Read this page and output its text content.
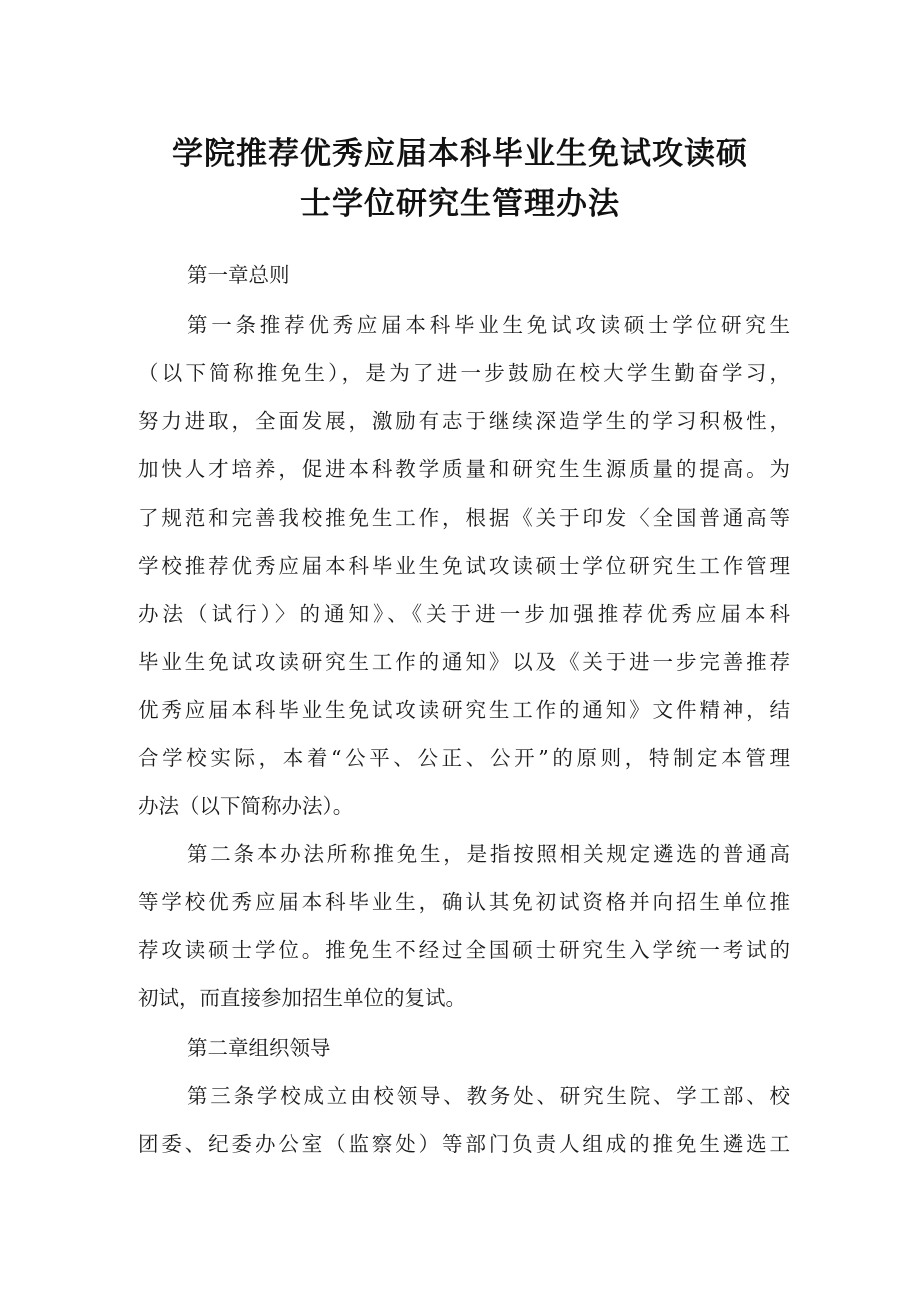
学院推荐优秀应届本科毕业生免试攻读硕
士学位研究生管理办法
第一章总则
第一条推荐优秀应届本科毕业生免试攻读硕士学位研究生
（以下简称推免生），是为了进一步鼓励在校大学生勤奋学习，
努力进取，全面发展，激励有志于继续深造学生的学习积极性，
加快人才培养，促进本科教学质量和研究生生源质量的提高。为
了规范和完善我校推免生工作，根据《关于印发〈全国普通高等
学校推荐优秀应届本科毕业生免试攻读硕士学位研究生工作管理
办法（试行）〉的通知》、《关于进一步加强推荐优秀应届本科
毕业生免试攻读研究生工作的通知》以及《关于进一步完善推荐
优秀应届本科毕业生免试攻读研究生工作的通知》文件精神，结
合学校实际，本着“公平、公正、公开”的原则，特制定本管理
办法（以下简称办法）。
第二条本办法所称推免生，是指按照相关规定遴选的普通高
等学校优秀应届本科毕业生，确认其免初试资格并向招生单位推
荐攻读硕士学位。推免生不经过全国硕士研究生入学统一考试的
初试，而直接参加招生单位的复试。
第二章组织领导
第三条学校成立由校领导、教务处、研究生院、学工部、校
团委、纪委办公室（监察处）等部门负责人组成的推免生遴选工
